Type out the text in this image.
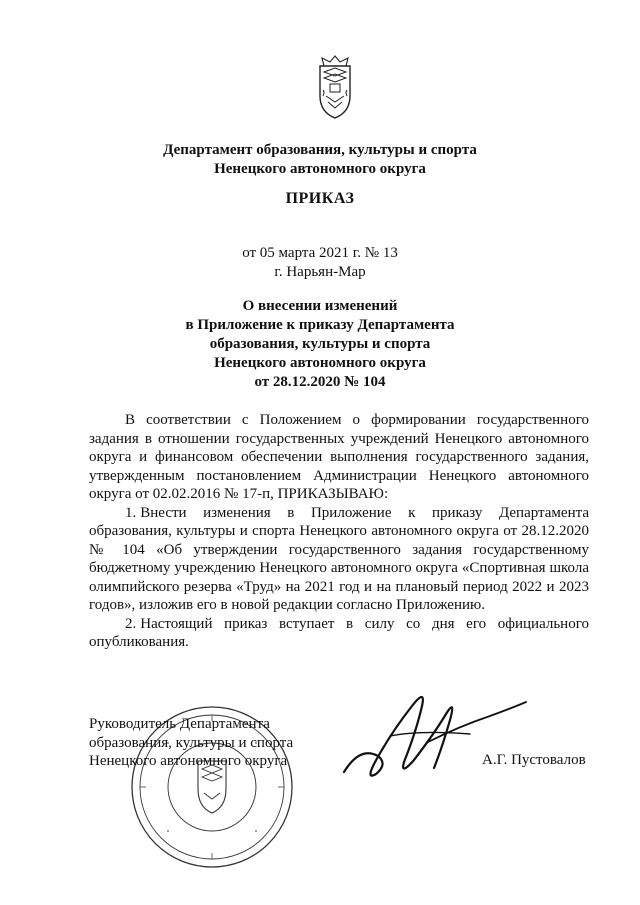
Департамент образования, культуры и спорта
Ненецкого автономного округа
ПРИКАЗ
от 05 марта 2021 г. № 13
г. Нарьян-Мар
О внесении изменений
в Приложение к приказу Департамента
образования, культуры и спорта
Ненецкого автономного округа
от 28.12.2020 № 104

В соответствии с Положением о формировании государственного задания в отношении государственных учреждений Ненецкого автономного округа и финансовом обеспечении выполнения государственного задания, утвержденным постановлением Администрации Ненецкого автономного округа от 02.02.2016 № 17-п, ПРИКАЗЫВАЮ:

1. Внести изменения в Приложение к приказу Департамента образования, культуры и спорта Ненецкого автономного округа от 28.12.2020 № 104 «Об утверждении государственного задания государственному бюджетному учреждению Ненецкого автономного округа «Спортивная школа олимпийского резерва «Труд» на 2021 год и на плановый период 2022 и 2023 годов», изложив его в новой редакции согласно Приложению.

2. Настоящий приказ вступает в силу со дня его официального опубликования.

Руководитель Департамента
образования, культуры и спорта
Ненецкого автономного округа	А.Г. Пустовалов
